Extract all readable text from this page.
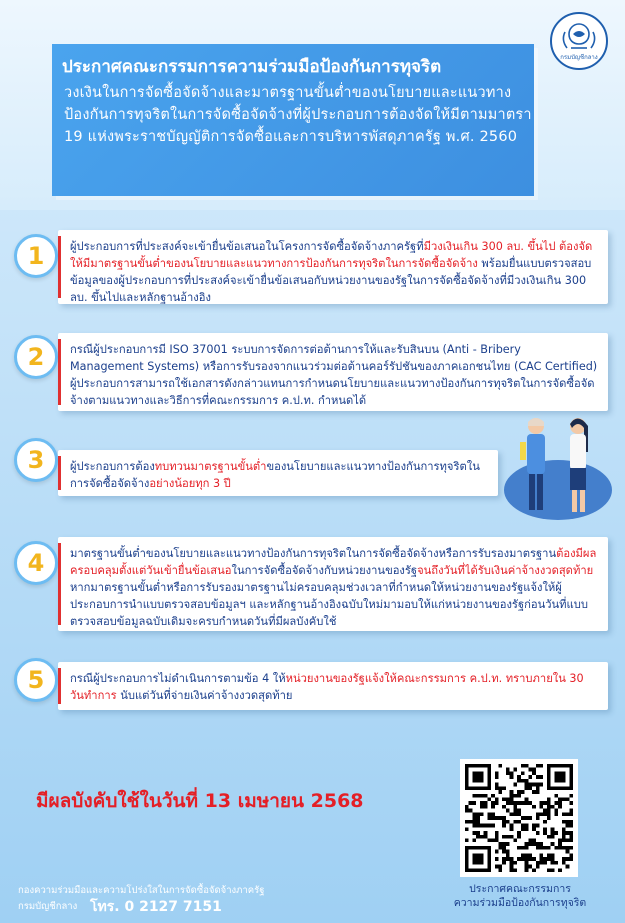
กรมบัญชีกลาง
ประกาศคณะกรรมการความร่วมมือป้องกันการทุจริต
วงเงินในการจัดซื้อจัดจ้างและมาตรฐานขั้นต่ำของนโยบายและแนวทางป้องกันการทุจริตในการจัดซื้อจัดจ้างที่ผู้ประกอบการต้องจัดให้มีตามมาตรา 19 แห่งพระราชบัญญัติการจัดซื้อและการบริหารพัสดุภาครัฐ พ.ศ. 2560
1	ผู้ประกอบการที่ประสงค์จะเข้ายื่นข้อเสนอในโครงการจัดซื้อจัดจ้างภาครัฐที่มีวงเงินเกิน 300 ลบ. ขึ้นไป ต้องจัดให้มีมาตรฐานขั้นต่ำของนโยบายและแนวทางการป้องกันการทุจริตในการจัดซื้อจัดจ้าง พร้อมยื่นแบบตรวจสอบข้อมูลของผู้ประกอบการที่ประสงค์จะเข้ายื่นข้อเสนอกับหน่วยงานของรัฐในการจัดซื้อจัดจ้างที่มีวงเงินเกิน 300 ลบ. ขึ้นไปและหลักฐานอ้างอิง
2	กรณีผู้ประกอบการมี ISO 37001 ระบบการจัดการต่อต้านการให้และรับสินบน (Anti - Bribery Management Systems) หรือการรับรองจากแนวร่วมต่อต้านคอร์รัปชันของภาคเอกชนไทย (CAC Certified) ผู้ประกอบการสามารถใช้เอกสารดังกล่าวแทนการกำหนดนโยบายและแนวทางป้องกันการทุจริตในการจัดซื้อจัดจ้างตามแนวทางและวิธีการที่คณะกรรมการ ค.ป.ท. กำหนดได้
3	ผู้ประกอบการต้องทบทวนมาตรฐานขั้นต่ำของนโยบายและแนวทางป้องกันการทุจริตในการจัดซื้อจัดจ้างอย่างน้อยทุก 3 ปี
4	มาตรฐานขั้นต่ำของนโยบายและแนวทางป้องกันการทุจริตในการจัดซื้อจัดจ้างหรือการรับรองมาตรฐานต้องมีผลครอบคลุมตั้งแต่วันเข้ายื่นข้อเสนอในการจัดซื้อจัดจ้างกับหน่วยงานของรัฐจนถึงวันที่ได้รับเงินค่าจ้างงวดสุดท้าย หากมาตรฐานขั้นต่ำหรือการรับรองมาตรฐานไม่ครอบคลุมช่วงเวลาที่กำหนดให้หน่วยงานของรัฐแจ้งให้ผู้ประกอบการนำแบบตรวจสอบข้อมูลฯ และหลักฐานอ้างอิงฉบับใหม่มามอบให้แก่หน่วยงานของรัฐก่อนวันที่แบบตรวจสอบข้อมูลฉบับเดิมจะครบกำหนดวันที่มีผลบังคับใช้
5	กรณีผู้ประกอบการไม่ดำเนินการตามข้อ 4 ให้หน่วยงานของรัฐแจ้งให้คณะกรรมการ ค.ป.ท. ทราบภายใน 30 วันทำการ นับแต่วันที่จ่ายเงินค่าจ้างงวดสุดท้าย
มีผลบังคับใช้ในวันที่ 13 เมษายน 2568
ประกาศคณะกรรมการ
ความร่วมมือป้องกันการทุจริต
กองความร่วมมือและความโปร่งใสในการจัดซื้อจัดจ้างภาครัฐ
กรมบัญชีกลาง โทร. 0 2127 7151
